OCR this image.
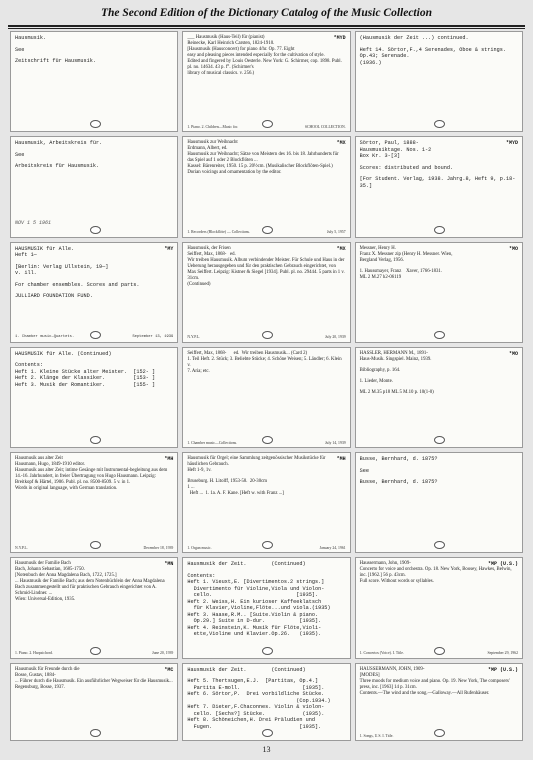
The Second Edition of the Dictionary Catalog of the Music Collection
Hausmusik.
See
Zeitschrift für Hausmusik.
*MYD
___ Hausmusik (Haus-Teil) für (pianist)
Reinecke, Karl Heinrich Carsten, 1824-1910.
[Hausmusik (Hausconcert) for piano 4/hr. Op. 77. Eight
easy and pleasing pieces intended especially for the cultivation of style.
Edited and fingered by Louis Oesterle. New York: G. Schirmer, cop. 1898. Publ. pl. no. 14634. 43 p. f°. (Schirmer's
library of musical classics. v. 256.)
1. Piano. 2. Children—Music for.	SCHOOL COLLECTION.
(Hausmusik der Zeit ...) continued.
Heft 14. Sörtor,F.,4 Serenades, Oboe & strings.
Op.43; Serenade.
(1936.)
Hausmusik, Arbeitskreis für.
See
Arbeitskreis für Hausmusik.
NOV 1 5 1961
*MX
Hausmusik zur Weihnacht
Erdmann, Albert, ed.
Hausmusik zur Weihnacht; Sätze von Meistern des 16. bis 18. Jahrhunderts für das Spiel auf 1 oder 2 Blockflöten ...
Kassel: Bärenreiter, 1950. 15 p. 20½cm. (Musikalischer Blockflöten-Spiel.)
Dorian voicings and ornamentation by the editor.
1. Recorders (Blockflöte) — Collections.	July 5, 1957
*MYD
Sörtor, Paul, 1888-
Hausmusiktage. Nos. 1-2
Box Kr. 3-[3]
Scores: distributed and bound.
[For Student. Verlag, 1938. Jahrg.8, Heft 9, p.18-
35.]
*MY
HAUSMUSIK für Alle.
Heft 1—
[Berlin: Verlag Ullstein, 19—]
v. ill.
For chamber ensembles. Scores and parts.
JULLIARD FOUNDATION FUND.
1. Chamber music—Quartets.	September 13, 1939
*MX
Hausmusik, der Frisen
Seiffert, Max, 1868-   ed.
Wir treiben Hausmusik. Album verbindender Meister. Für Schule und Haus in der Ueberung herausgegeben und für den praktischen Gebrauch eingerichtet, von Max Seiffert. Leipzig: Kistner & Siegel [1934]. Publ. pl. no. 29444. 5 parts in 1 v. 31cm.
(Continued)
N.Y.P.L.	July 20, 1939
*MO
Messner, Henry H.
Franz X. Messner zip (Henry H. Messner. Wien,
Bergland Verlag, 1956.
1. Haussmayer, Franz    Xaver, 1766-1831.
ML 2 M.27 h2-06119
HAUSMUSIK für Alle. (Continued)
Contents:
Heft 1. Kleine Stücke alter Meister.  [152- ]
Heft 2. Klänge der Klassiker.         [153- ]
Heft 3. Musik der Romantiker.         [155- ]
Seiffert, Max, 1868-      ed.  Wir treiben Hausmusik... (Card 2)
1. Teil Heft. 2. Stück; 3. Beliebte Stücke; 4. Schöne Weisen; 5. Ländler; 6. Klein v.
7. Aria; etc.
1. Chamber music—Collections.	July 14, 1939
*MO
HASSLER, HERMANN M., 1891-
Haus-Musik. Singspiel. Mainz, 1939.
Bibliography, p. 164.
1. Lieder, Monte.
ML 2 M.35 p18 ML 5 M.10 p. 10(1-0)
*MH
Hausmusik aus alter Zeit
Hausmann, Hugo, 1849-1910 editor.
Hausmusik aus alter Zeit; intime Gesänge mit Instrumental-begleitung aus dem 14.-16. Jahrhundert, in freier Übertragung von Hugo Hausmann. Leipzig: Breitkopf & Härtel, 1906. Publ. pl. no. 8500-8509. 5 v. in 1.
Words in original language, with German translation.
N.Y.P.L.	December 18, 1939
*MH
Hausmusik für Orgel; eine Sammlung zeitgenössischer Musikstücke für häuslichen Gebrauch.
Heft 1-9, 1v.
Bruseburg. H. Litolff, 1953-58.  20-30cm
1 ...
Heft ...  1. 1a. A. F. Kane. [Heft w. with Franz ...]
1. Organ music.	January 24, 1961
Busse, Bernhard, d. 1875?
See
Busse, Bernhard, d. 1875?
*MN
Hausmusik der Familie Bach
Bach, Johann Sebastian, 1685-1750.
[Notenbuch der Anna Magdalena Bach, 1722, 1725.]
... Hausmusik der Familie Bach; aus dem Notenbüchlein der Anna Magdalena Bach zusammengestellt und für praktischen Gebrauch eingerichtet von A. Schmid-Lindner. ...
Wien: Universal-Edition, 1935.
1. Piano. 2. Harpsichord.	June 20, 1939
Hausmusik der Zeit.        (Continued)
Contents:
Heft 1. Vieuxt,E. [Divertimentos.2 strings.]
Divertimento für Violine,Viola und Violon-
cello.                           [1935].
Heft 2. Weiss,H. Ein kurioser Kaffeeklatsch
für Klavier,Violine,Flöte...und viola.(1935)
Heft 3. Haase,R.M.. [Suite.Violin & piano.
Op.29.] Suite in D-dur.           [1935].
Heft 4. Reinstein,K. Musik für Flöte,Violi-
ette,Violine und Klavier.Op.26.   (1935).
*MP (U.S.)
Haussermann, John, 1909-
Concerto for voice and orchestra. Op. 18. New York, Boosey, Hawkes, Belwin, inc. [1962.] 56 p. 43cm.
Full score. Without words or syllables.
1. Concertos (Voice). I. Title.	September 29, 1962
*MC
Hausmusik für Freunde durch die
Bosse, Gustav, 1884-
... Führer durch die Hausmusik. Ein ausführlicher Wegweiser für die Hausmusik...
Regensburg, Bosse, 1937.
Hausmusik der Zeit.        (Continued)
Heft 5. Thertsugen,E.J.  [Partitas, Op.4.]
Partita E-moll.                    [1935].
Heft 6. Sörtor,P.  Drei vorbildliche Stücke.
(Cop.1934.)
Heft 7. Dieter,F.Chaconnes. Violin & violon-
cello. [Sechs?] Stücke.            (1935).
Heft 8. Schöneichen,H. Drei Präludien und
Fugen.                            [1935].
*MP (U.S.)
HAUSSERMANN, JOHN, 1909-
[MODES]
Three moods for medium voice and piano. Op. 19. New York, The composers' press, inc. [1963] 14 p. 31cm.
Contents.—The wind and the song.—Galloway.—All Rufenhäuser.
1. Songs, U.S. I. Title.
13
